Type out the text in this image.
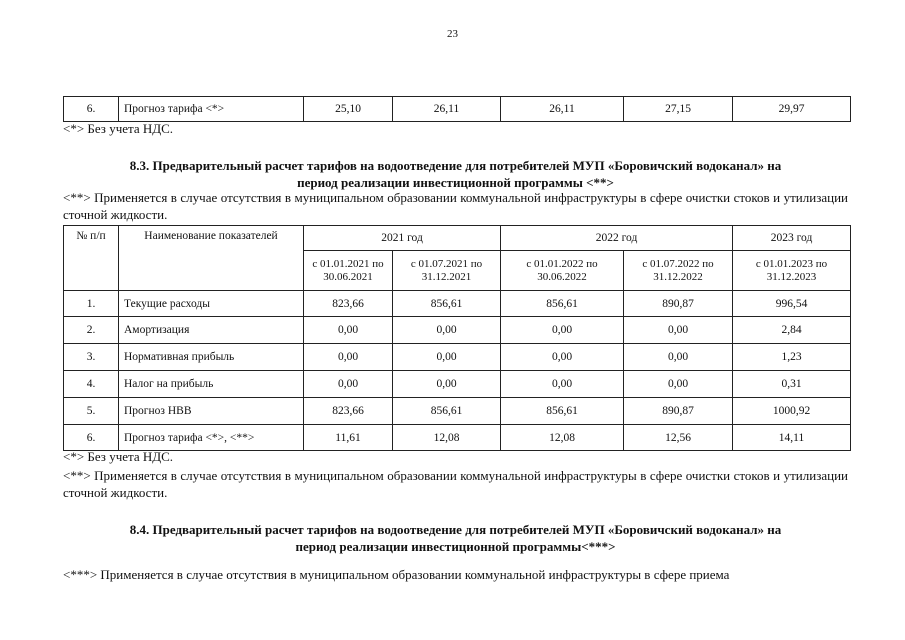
23
6.	Прогноз тарифа <*>	25,10	26,11	26,11	27,15	29,97
<*> Без учета НДС.
8.3. Предварительный расчет тарифов на водоотведение для потребителей МУП «Боровичский водоканал» на
период реализации инвестиционной программы <**>
<**> Применяется в случае отсутствия в муниципальном образовании коммунальной инфраструктуры в сфере очистки стоков и утилизации сточной жидкости.
№ п/п	Наименование показателей	2021 год		2022 год		2023 год
		с 01.01.2021 по 30.06.2021	с 01.07.2021 по 31.12.2021	с 01.01.2022 по 30.06.2022	с 01.07.2022 по 31.12.2022	с 01.01.2023 по 31.12.2023
1.	Текущие расходы	823,66	856,61	856,61	890,87	996,54
2.	Амортизация	0,00	0,00	0,00	0,00	2,84
3.	Нормативная прибыль	0,00	0,00	0,00	0,00	1,23
4.	Налог на прибыль	0,00	0,00	0,00	0,00	0,31
5.	Прогноз НВВ	823,66	856,61	856,61	890,87	1000,92
6.	Прогноз тарифа <*>, <**>	11,61	12,08	12,08	12,56	14,11
<*> Без учета НДС.
<**> Применяется в случае отсутствия в муниципальном образовании коммунальной инфраструктуры в сфере очистки стоков и утилизации сточной жидкости.
8.4. Предварительный расчет тарифов на водоотведение для потребителей МУП «Боровичский водоканал» на
период реализации инвестиционной программы<***>
<***> Применяется в случае отсутствия в муниципальном образовании коммунальной инфраструктуры в сфере приема
